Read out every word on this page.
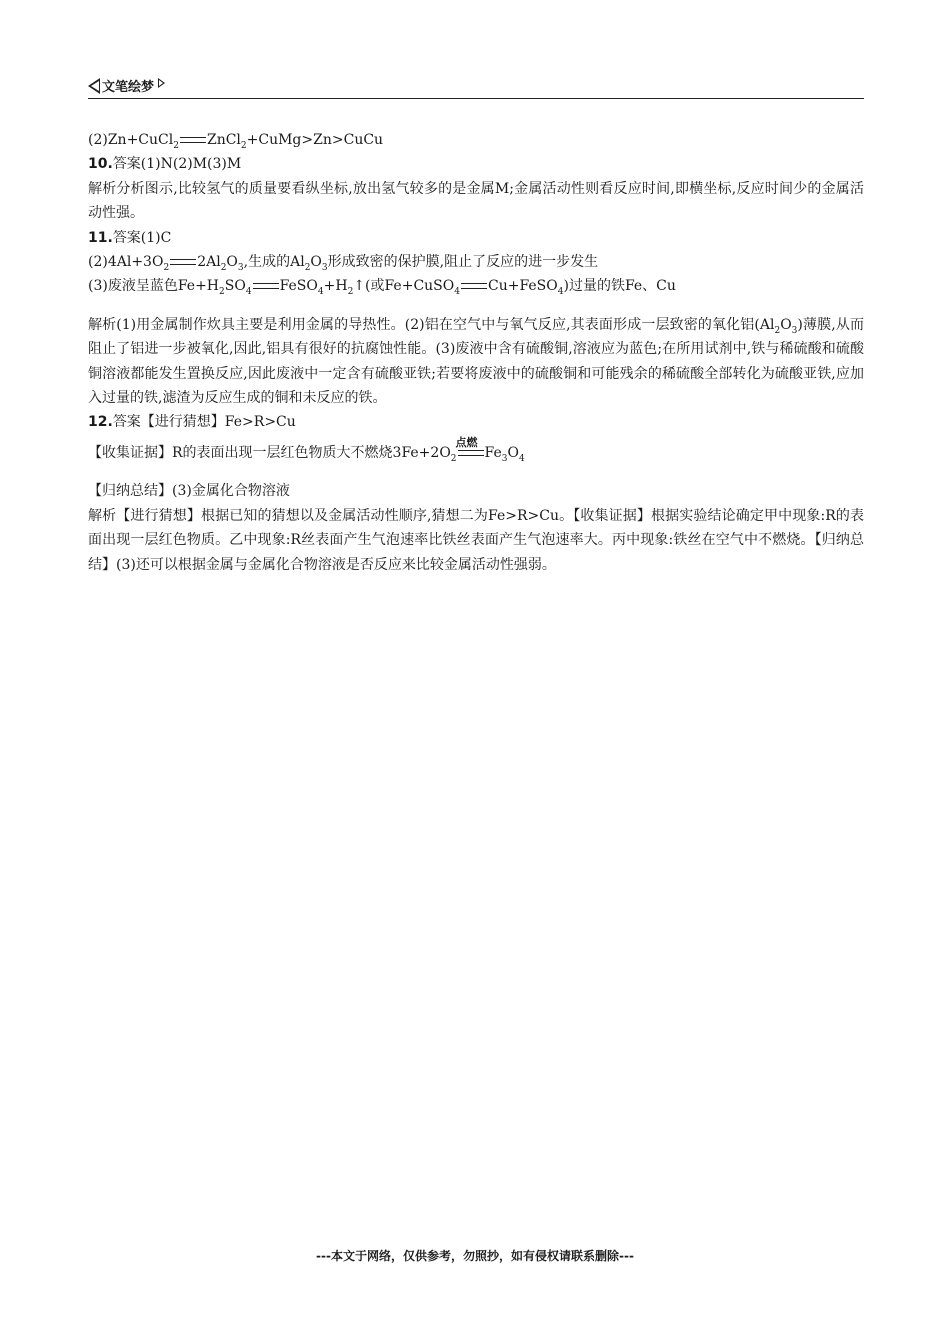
文笔绘梦
(2)Zn+CuCl$_2$ ZnCl$_2$+CuMg>Zn>CuCu
10.答案(1)N(2)M(3)M
解析分析图示,比较氢气的质量要看纵坐标,放出氢气较多的是金属M;金属活动性则看反应时间,即横坐标,反应时间少的金属活动性强。
11.答案(1)C
$(2)4Al+3O_2$ $2Al_2O_3$,生成的$Al_2O_3$形成致密的保护膜,阻止了反应的进一步发生
(3)废液呈蓝色$Fe+H_2SO_4$ $FeSO_4+H_2↑$(或Fe+CuSO$_4$ Cu+FeSO$_4$)过量的铁Fe、Cu
解析(1)用金属制作炊具主要是利用金属的导热性。(2)铝在空气中与氧气反应,其表面形成一层致密的氧化铝$(Al_2O_3)$薄膜,从而阻止了铝进一步被氧化,因此,铝具有很好的抗腐蚀性能。(3)废液中含有硫酸铜,溶液应为蓝色;在所用试剂中,铁与稀硫酸和硫酸铜溶液都能发生置换反应,因此废液中一定含有硫酸亚铁;若要将废液中的硫酸铜和可能残余的稀硫酸全部转化为硫酸亚铁,应加入过量的铁,滤渣为反应生成的铜和未反应的铁。
12.答案【进行猜想】Fe>R>Cu
【收集证据】R的表面出现一层红色物质大不燃烧$3Fe+2O_2$
点燃
$Fe_3O_4$
【归纳总结】(3)金属化合物溶液
解析【进行猜想】根据已知的猜想以及金属活动性顺序,猜想二为Fe>R>Cu。【收集证据】根据实验结论确定甲中现象:R的表面出现一层红色物质。乙中现象:R丝表面产生气泡速率比铁丝表面产生气泡速率大。丙中现象:铁丝在空气中不燃烧。【归纳总结】(3)还可以根据金属与金属化合物溶液是否反应来比较金属活动性强弱。
---本文于网络，仅供参考，勿照抄，如有侵权请联系删除---
